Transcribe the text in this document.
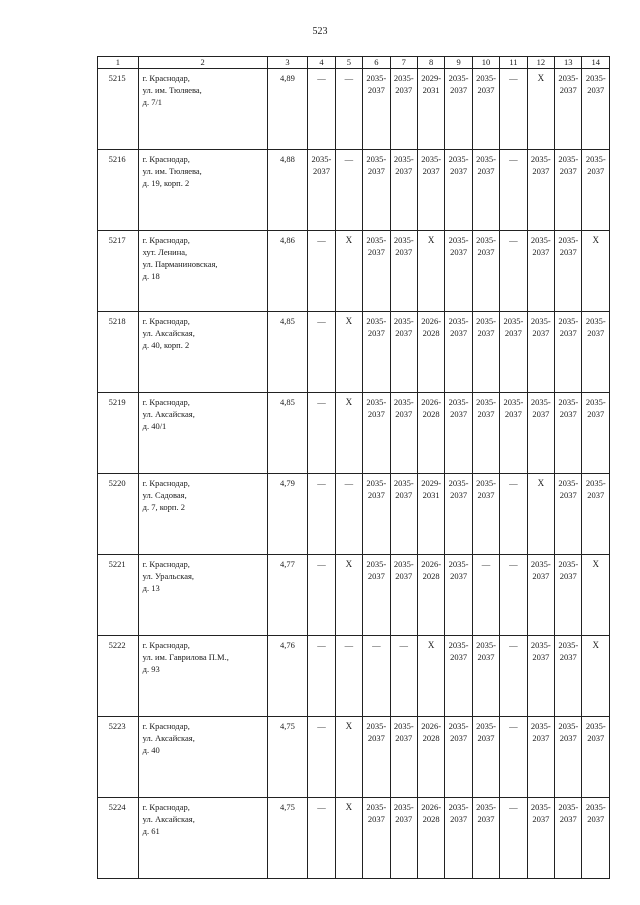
523
1	2	3	4	5	6	7	8	9	10	11	12	13	14
5215	г. Краснодар,
ул. им. Тюляева,
д. 7/1	4,89	—	—	2035-
2037	2035-
2037	2029-
2031	2035-
2037	2035-
2037	—	Х	2035-
2037	2035-
2037

5216	г. Краснодар,
ул. им. Тюляева,
д. 19, корп. 2	4,88	2035-
2037	—	2035-
2037	2035-
2037	2035-
2037	2035-
2037	2035-
2037	—	2035-
2037	2035-
2037	2035-
2037

5217	г. Краснодар,
хут. Ленина,
ул. Парманиновская,
д. 18	4,86	—	Х	2035-
2037	2035-
2037	Х	2035-
2037	2035-
2037	—	2035-
2037	2035-
2037	Х

5218	г. Краснодар,
ул. Аксайская,
д. 40, корп. 2	4,85	—	Х	2035-
2037	2035-
2037	2026-
2028	2035-
2037	2035-
2037	2035-
2037	2035-
2037	2035-
2037	2035-
2037

5219	г. Краснодар,
ул. Аксайская,
д. 40/1	4,85	—	Х	2035-
2037	2035-
2037	2026-
2028	2035-
2037	2035-
2037	2035-
2037	2035-
2037	2035-
2037	2035-
2037

5220	г. Краснодар,
ул. Садовая,
д. 7, корп. 2	4,79	—	—	2035-
2037	2035-
2037	2029-
2031	2035-
2037	2035-
2037	—	Х	2035-
2037	2035-
2037

5221	г. Краснодар,
ул. Уральская,
д. 13	4,77	—	Х	2035-
2037	2035-
2037	2026-
2028	2035-
2037	—	—	2035-
2037	2035-
2037	Х

5222	г. Краснодар,
ул. им. Гаврилова П.М.,
д. 93	4,76	—	—	—	—	Х	2035-
2037	2035-
2037	—	2035-
2037	2035-
2037	Х

5223	г. Краснодар,
ул. Аксайская,
д. 40	4,75	—	Х	2035-
2037	2035-
2037	2026-
2028	2035-
2037	2035-
2037	—	2035-
2037	2035-
2037	2035-
2037

5224	г. Краснодар,
ул. Аксайская,
д. 61	4,75	—	Х	2035-
2037	2035-
2037	2026-
2028	2035-
2037	2035-
2037	—	2035-
2037	2035-
2037	2035-
2037
